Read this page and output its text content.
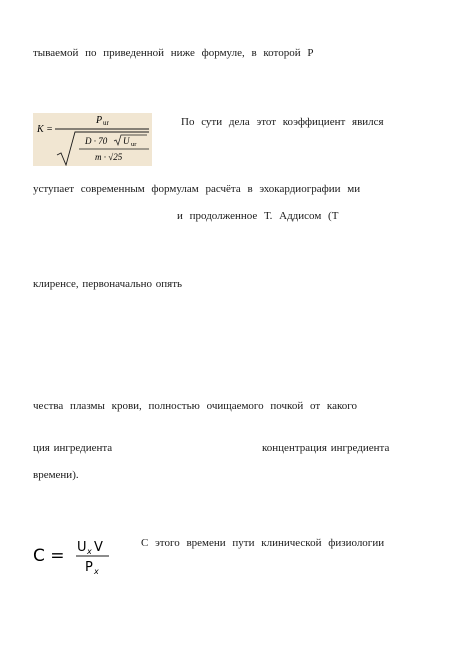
тываемой по приведенной ниже формуле, в которой P
K =
P ur
D · 70 U ur
m · √25
По сути дела этот коэффициент явился
уступает современным формулам расчёта в эхокардиографии ми
и продолженное Т. Аддисом (Т
клиренсе, первоначально опять
чества плазмы крови, полностью очищаемого почкой от какого
ция ингредиента	концентрация ингредиента
времени).
C = U x V
P x
С этого времени пути клинической физиологии
